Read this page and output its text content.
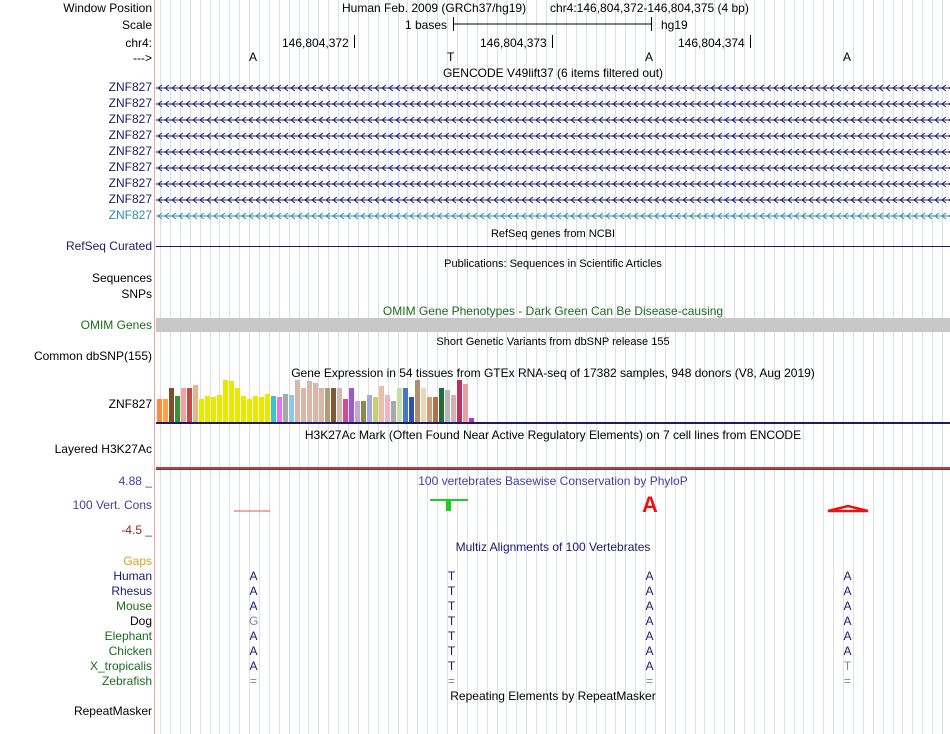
Window Position	Human Feb. 2009 (GRCh37/hg19) chr4:146,804,372-146,804,375 (4 bp)
Scale	1 bases	hg19
chr4:	146,804,372	146,804,373	146,804,374
--->	A	T	A	A
GENCODE V49lift37 (6 items filtered out)
ZNF827
ZNF827
ZNF827
ZNF827
ZNF827
ZNF827
ZNF827
ZNF827
ZNF827
RefSeq genes from NCBI
RefSeq Curated
Publications: Sequences in Scientific Articles
Sequences
SNPs
OMIM Gene Phenotypes - Dark Green Can Be Disease-causing
OMIM Genes
Short Genetic Variants from dbSNP release 155
Common dbSNP(155)
Gene Expression in 54 tissues from GTEx RNA-seq of 17382 samples, 948 donors (V8, Aug 2019)
ZNF827
H3K27Ac Mark (Often Found Near Active Regulatory Elements) on 7 cell lines from ENCODE
Layered H3K27Ac
100 vertebrates Basewise Conservation by PhyloP
4.88 _
100 Vert. Cons
-4.5 _
A
Multiz Alignments of 100 Vertebrates
Gaps
Human	A	T	A	A
Rhesus	A	T	A	A
Mouse	A	T	A	A
Dog	G	T	A	A
Elephant	A	T	A	A
Chicken	A	T	A	A
X_tropicalis	A	T	A	T
Zebrafish	=	=	=	=
Repeating Elements by RepeatMasker
RepeatMasker
